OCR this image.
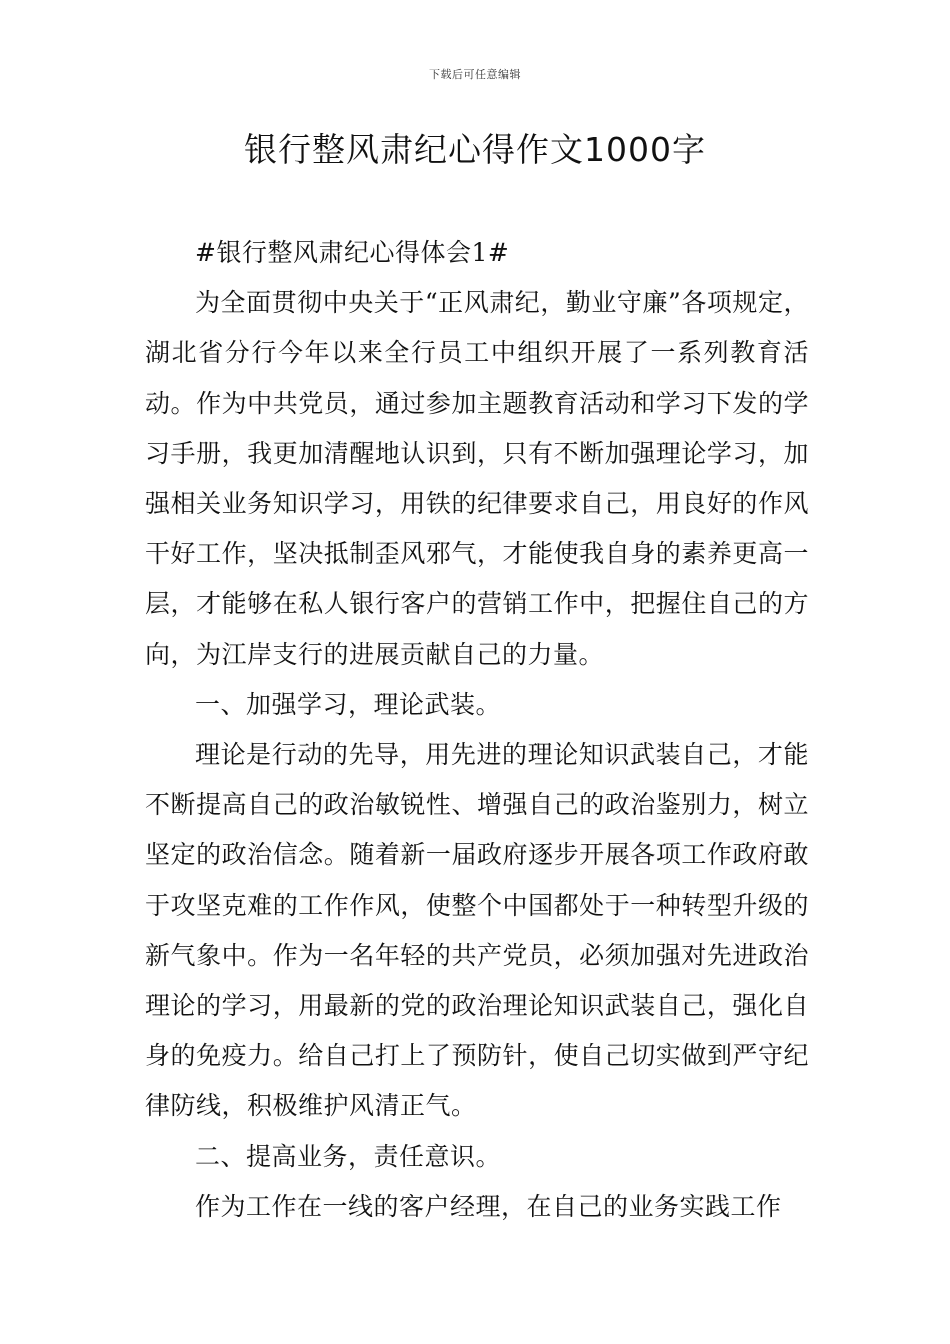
下载后可任意编辑
银行整风肃纪心得作文1000字

#银行整风肃纪心得体会1#

为全面贯彻中央关于“正风肃纪，勤业守廉”各项规定，湖北省分行今年以来全行员工中组织开展了一系列教育活动。作为中共党员，通过参加主题教育活动和学习下发的学习手册，我更加清醒地认识到，只有不断加强理论学习，加强相关业务知识学习，用铁的纪律要求自己，用良好的作风干好工作，坚决抵制歪风邪气，才能使我自身的素养更高一层，才能够在私人银行客户的营销工作中，把握住自己的方向，为江岸支行的进展贡献自己的力量。

一、加强学习，理论武装。

理论是行动的先导，用先进的理论知识武装自己，才能不断提高自己的政治敏锐性、增强自己的政治鉴别力，树立坚定的政治信念。随着新一届政府逐步开展各项工作政府敢于攻坚克难的工作作风，使整个中国都处于一种转型升级的新气象中。作为一名年轻的共产党员，必须加强对先进政治理论的学习，用最新的党的政治理论知识武装自己，强化自身的免疫力。给自己打上了预防针，使自己切实做到严守纪律防线，积极维护风清正气。

二、提高业务，责任意识。

作为工作在一线的客户经理，在自己的业务实践工作
